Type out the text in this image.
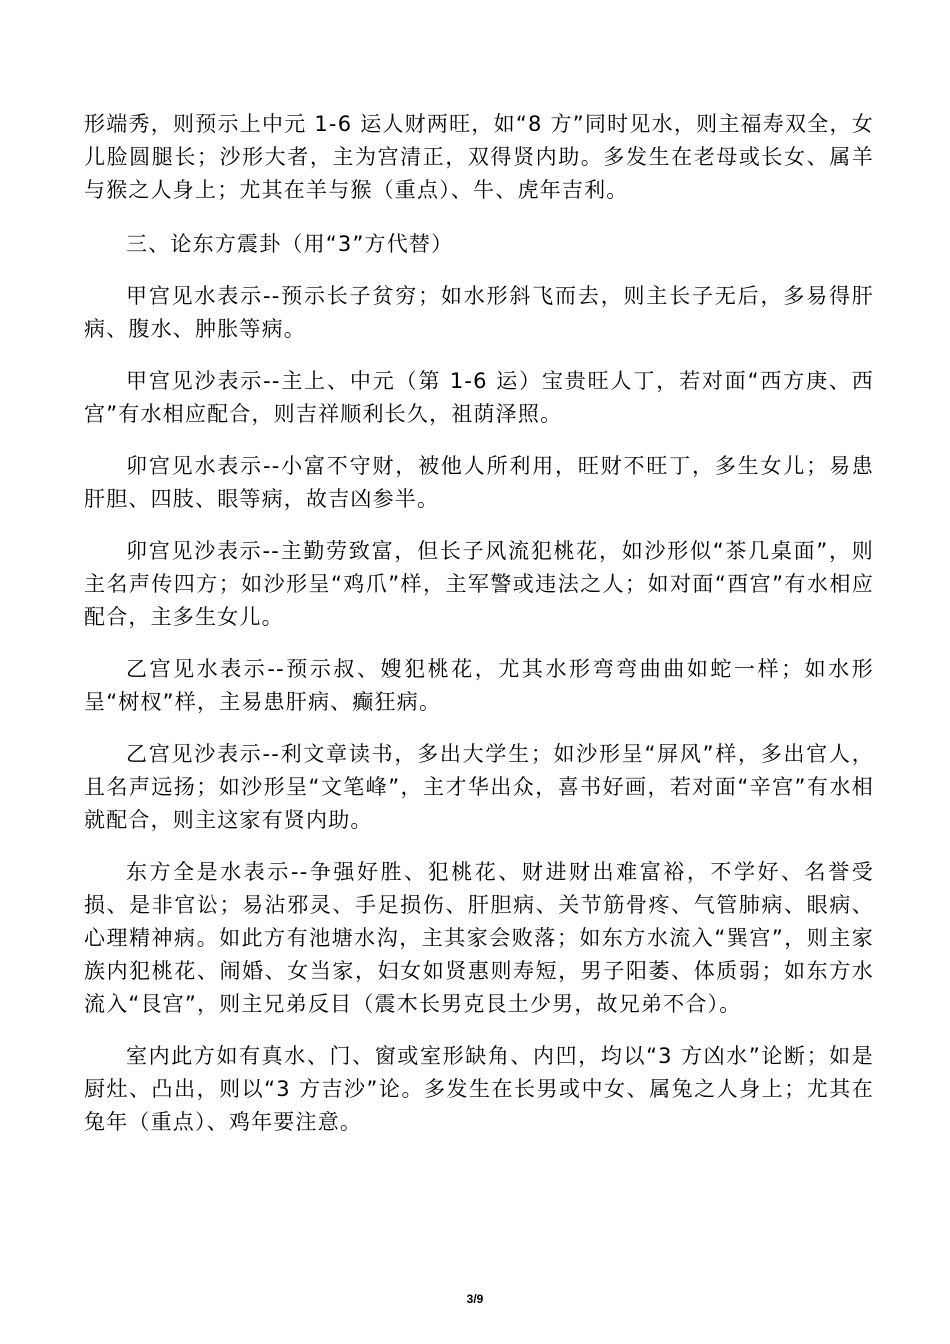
形端秀，则预示上中元 1-6 运人财两旺，如“8 方”同时见水，则主福寿双全，女儿脸圆腿长；沙形大者，主为宫清正，双得贤内助。多发生在老母或长女、属羊与猴之人身上；尤其在羊与猴（重点）、牛、虎年吉利。

三、论东方震卦（用“3”方代替）

甲宫见水表示--预示长子贫穷；如水形斜飞而去，则主长子无后，多易得肝病、腹水、肿胀等病。

甲宫见沙表示--主上、中元（第 1-6 运）宝贵旺人丁，若对面“西方庚、西宫”有水相应配合，则吉祥顺利长久，祖荫泽照。

卯宫见水表示--小富不守财，被他人所利用，旺财不旺丁，多生女儿；易患肝胆、四肢、眼等病，故吉凶参半。

卯宫见沙表示--主勤劳致富，但长子风流犯桃花，如沙形似“茶几桌面”，则主名声传四方；如沙形呈“鸡爪”样，主军警或违法之人；如对面“酉宫”有水相应配合，主多生女儿。

乙宫见水表示--预示叔、嫂犯桃花，尤其水形弯弯曲曲如蛇一样；如水形呈“树杈”样，主易患肝病、癫狂病。

乙宫见沙表示--利文章读书，多出大学生；如沙形呈“屏风”样，多出官人，且名声远扬；如沙形呈“文笔峰”，主才华出众，喜书好画，若对面“辛宫”有水相就配合，则主这家有贤内助。

东方全是水表示--争强好胜、犯桃花、财进财出难富裕，不学好、名誉受损、是非官讼；易沾邪灵、手足损伤、肝胆病、关节筋骨疼、气管肺病、眼病、心理精神病。如此方有池塘水沟，主其家会败落；如东方水流入“巽宫”，则主家族内犯桃花、闹婚、女当家，妇女如贤惠则寿短，男子阳萎、体质弱；如东方水流入“艮宫”，则主兄弟反目（震木长男克艮土少男，故兄弟不合）。

室内此方如有真水、门、窗或室形缺角、内凹，均以“3 方凶水”论断；如是厨灶、凸出，则以“3 方吉沙”论。多发生在长男或中女、属兔之人身上；尤其在兔年（重点）、鸡年要注意。

3/9
